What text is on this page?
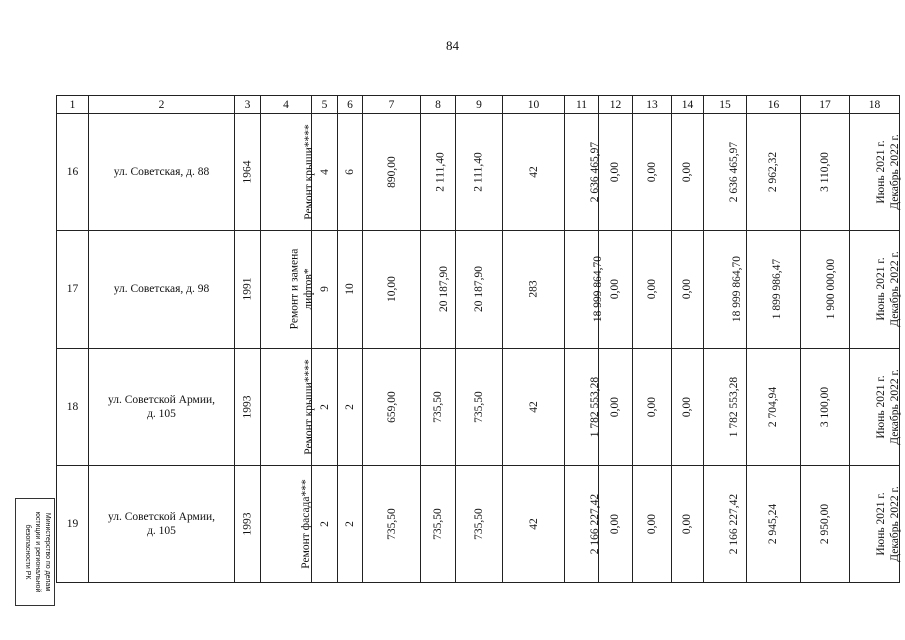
84
1	2	3	4	5	6	7	8	9	10	11	12	13	14	15	16	17	18
16	ул. Советская, д. 88	1964	Ремонт крыши****	4	6	890,00	2 111,40	2 111,40	42	2 636 465,97	0,00	0,00	0,00	2 636 465,97	2 962,32	3 110,00	Июнь 2021 г. Декабрь 2022 г.
17	ул. Советская, д. 98	1991	Ремонт и замена лифтов*	9	10	10,00	20 187,90	20 187,90	283	18 999 864,70	0,00	0,00	0,00	18 999 864,70	1 899 986,47	1 900 000,00	Июнь 2021 г. Декабрь 2022 г.
18	ул. Советской Армии,
д. 105	1993	Ремонт крыши****	2	2	659,00	735,50	735,50	42	1 782 553,28	0,00	0,00	0,00	1 782 553,28	2 704,94	3 100,00	Июнь 2021 г. Декабрь 2022 г.
19	ул. Советской Армии,
д. 105	1993	Ремонт фасада***	2	2	735,50	735,50	735,50	42	2 166 227,42	0,00	0,00	0,00	2 166 227,42	2 945,24	2 950,00	Июнь 2021 г. Декабрь 2022 г.
Министерство по делам
юстиции и региональной
безопасности РК
